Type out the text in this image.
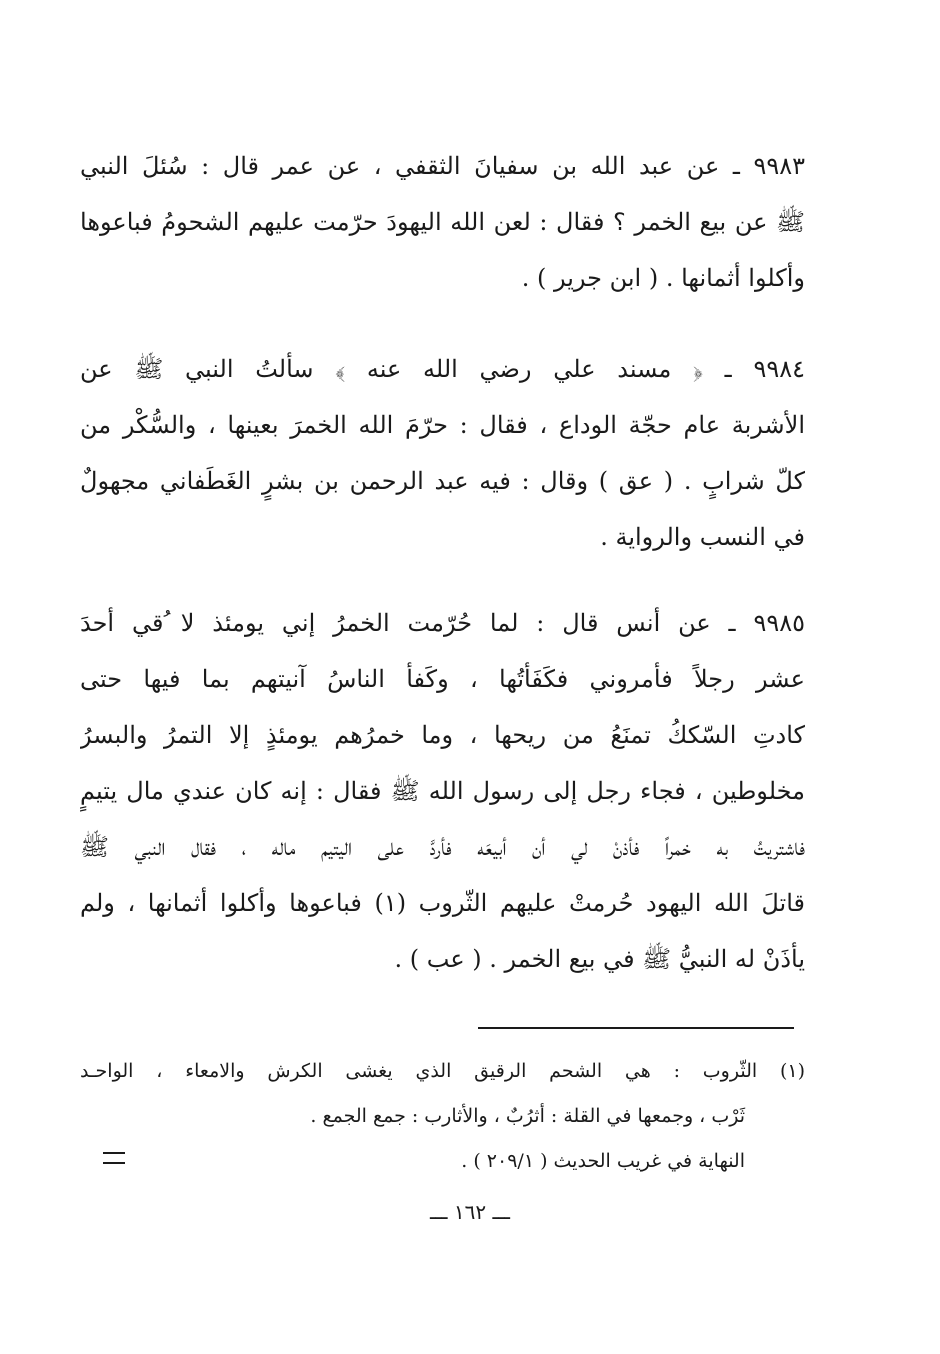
٩٩٨٣ ـ عن عبد الله بن سفيانَ الثقفي ، عن عمر قال : سُئلَ النبي
ﷺ عن بيع الخمر ؟ فقال : لعن الله اليهودَ حرّمت عليهم الشحومُ فباعوها
وأكلوا أثمانها . ( ابن جرير ) .
٩٩٨٤ ـ ﴿ مسند علي رضي الله عنه ﴾ سألتُ النبي ﷺ عن
الأشربة عام حجّة الوداع ، فقال : حرّمَ الله الخمرَ بعينها ، والسُّكْر من
كلّ شرابٍ . ( عق ) وقال : فيه عبد الرحمن بن بشرٍ الغَطَفاني مجهولٌ
في النسب والرواية .
٩٩٨٥ ـ عن أنس قال : لما حُرّمت الخمرُ إني يومئذ لا ُقي أحدَ
عشر رجلاً فأمروني فكَفَأتُها ، وكَفأ الناسُ آنيتهم بما فيها حتى
كادتِ السّككُ تمنَعُ من ريحها ، وما خمرُهم يومئذٍ إلا التمرُ والبسرُ
مخلوطين ، فجاء رجل إلى رسول الله ﷺ فقال : إنه كان عندي مال يتيمٍ
فاشتريتُ به خمراً فأذنْ لي أن أبيعَه فأردَّ على اليتيم ماله ، فقال النبي ﷺ
قاتلَ الله اليهود حُرمتْ عليهم الثّروب (١) فباعوها وأكلوا أثمانها ، ولم
يأذَنْ له النبيُّ ﷺ في بيع الخمر . ( عب ) .
(١) الثّروب : هي الشحم الرقيق الذي يغشى الكرش والامعاء ، الواحـد
ثَرْب ، وجمعها في القلة : أثرُبٌ ، والأثارب : جمع الجمع .
النهاية في غريب الحديث ( ٢٠٩/١ ) .
ـــ ١٦٢ ـــ
